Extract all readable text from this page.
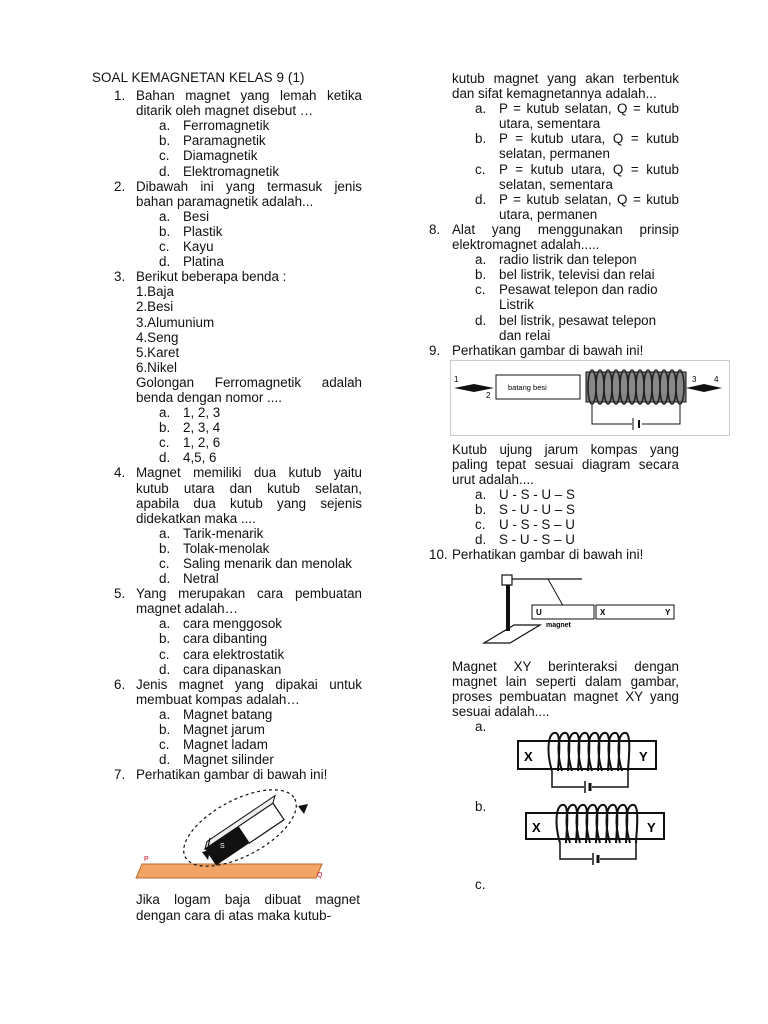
SOAL KEMAGNETAN KELAS 9 (1)
1. Bahan magnet yang lemah ketika ditarik oleh magnet disebut …
a. Ferromagnetik
b. Paramagnetik
c. Diamagnetik
d. Elektromagnetik
2. Dibawah ini yang termasuk jenis bahan paramagnetik adalah...
a. Besi
b. Plastik
c. Kayu
d. Platina
3. Berikut beberapa benda :
1.Baja
2.Besi
3.Alumunium
4.Seng
5.Karet
6.Nikel
Golongan Ferromagnetik adalah benda dengan nomor ....
a. 1, 2, 3
b. 2, 3, 4
c. 1, 2, 6
d. 4,5, 6
4. Magnet memiliki dua kutub yaitu kutub utara dan kutub selatan, apabila dua kutub yang sejenis didekatkan maka ....
a. Tarik-menarik
b. Tolak-menolak
c. Saling menarik dan menolak
d. Netral
5. Yang merupakan cara pembuatan magnet adalah…
a. cara menggosok
b. cara dibanting
c. cara elektrostatik
d. cara dipanaskan
6. Jenis magnet yang dipakai untuk membuat kompas adalah…
a. Magnet batang
b. Magnet jarum
c. Magnet ladam
d. Magnet silinder
7. Perhatikan gambar di bawah ini!
P
Q
U
S
Jika logam baja dibuat magnet dengan cara di atas maka kutub-
kutub magnet yang akan terbentuk dan sifat kemagnetannya adalah...
a. P = kutub selatan, Q = kutub utara, sementara
b. P = kutub utara, Q = kutub selatan, permanen
c. P = kutub utara, Q = kutub selatan, sementara
d. P = kutub selatan, Q = kutub utara, permanen
8. Alat yang menggunakan prinsip elektromagnet adalah.....
a. radio listrik dan telepon
b. bel listrik, televisi dan relai
c. Pesawat telepon dan radio Listrik
d. bel listrik, pesawat telepon dan relai
9. Perhatikan gambar di bawah ini!
1
2
batang besi
3 4
Kutub ujung jarum kompas yang paling tepat sesuai diagram secara urut adalah....
a. U - S - U – S
b. S - U - U – S
c. U - S - S – U
d. S - U - S – U
10. Perhatikan gambar di bawah ini!
U
magnet
X	Y
Magnet XY berinteraksi dengan magnet lain seperti dalam gambar, proses pembuatan magnet XY yang sesuai adalah....
a.
X	Y
b.
X	Y
c.
